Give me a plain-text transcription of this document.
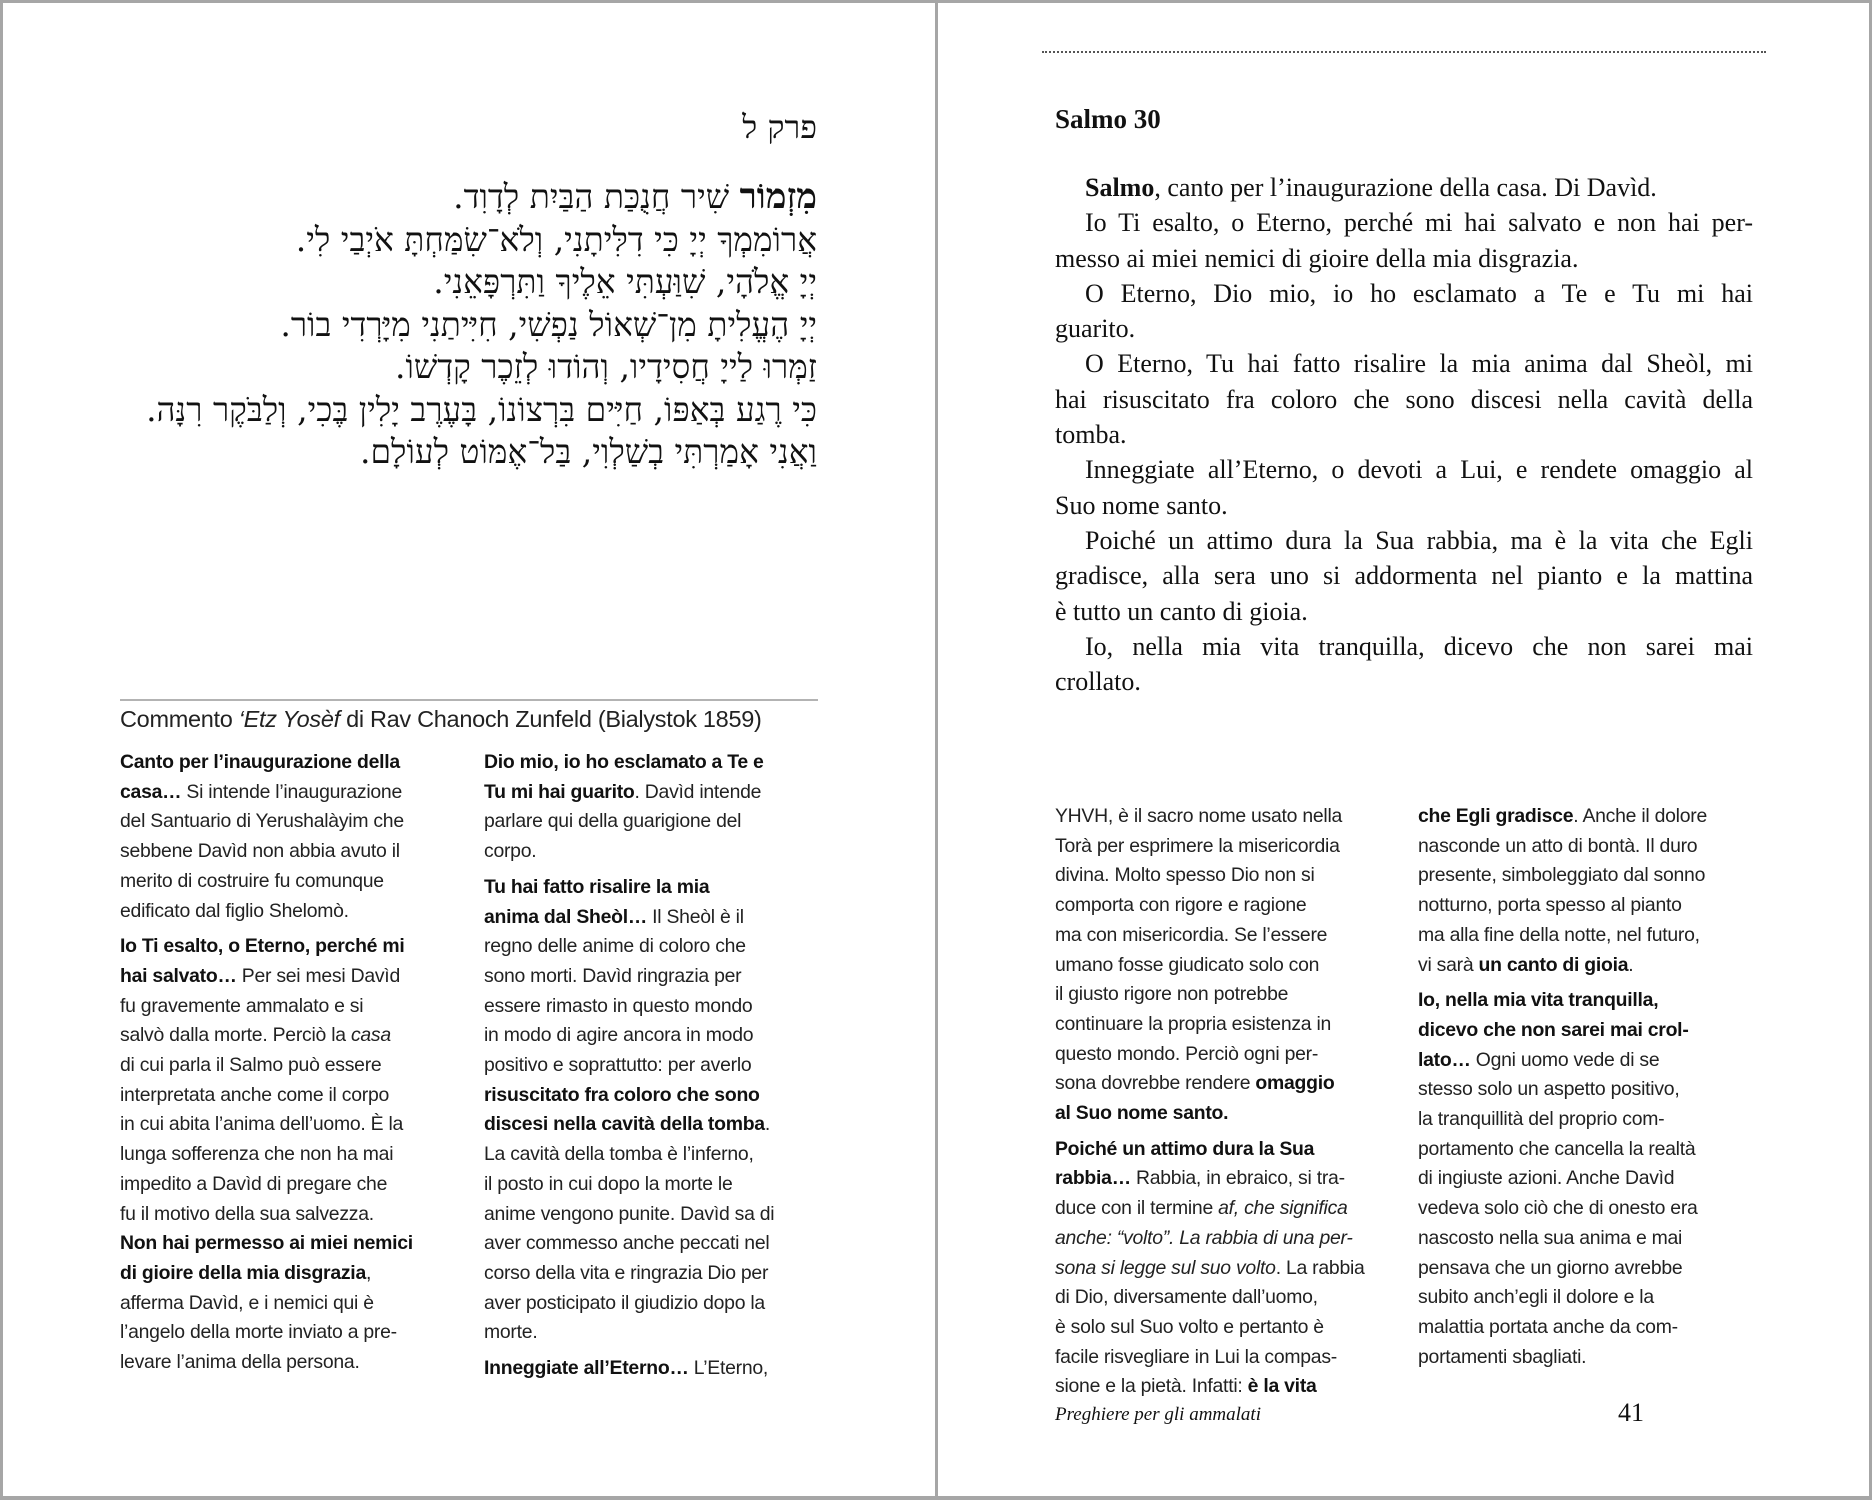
פרק ל
מִזְמוֹר שִׁיר חֲנֻכַּת הַבַּיִת לְדָוִד.
אֲרוֹמִמְךָ יְיָ כִּי דִלִּיתָנִי, וְלֹא־שִׂמַּחְתָּ אֹיְבַי לִי.
יְיָ אֱלֹהָי, שִׁוַּעְתִּי אֵלֶיךָ וַתִּרְפָּאֵנִי.
יְיָ הֶעֱלִיתָ מִן־שְׁאוֹל נַפְשִׁי, חִיִּיתַנִי מִיָּרְדִי בוֹר.
זַמְּרוּ לַייָ חֲסִידָיו, וְהוֹדוּ לְזֵכֶר קָדְשׁוֹ.
כִּי רֶגַע בְּאַפּוֹ, חַיִּים בִּרְצוֹנוֹ, בָּעֶרֶב יָלִין בֶּכִי, וְלַבֹּקֶר רִנָּה.
וַאֲנִי אָמַרְתִּי בְשַׁלְוִי, בַּל־אֶמּוֹט לְעוֹלָם.
Commento ‘Etz Yosèf di Rav Chanoch Zunfeld (Bialystok 1859)

Canto per l’inaugurazione della
casa… Si intende l’inaugurazione
del Santuario di Yerushalàyim che
sebbene Davìd non abbia avuto il
merito di costruire fu comunque
edificato dal figlio Shelomò.

Io Ti esalto, o Eterno, perché mi
hai salvato… Per sei mesi Davìd
fu gravemente ammalato e si
salvò dalla morte. Perciò la casa
di cui parla il Salmo può essere
interpretata anche come il corpo
in cui abita l’anima dell’uomo. È la
lunga sofferenza che non ha mai
impedito a Davìd di pregare che
fu il motivo della sua salvezza.
Non hai permesso ai miei nemici
di gioire della mia disgrazia,
afferma Davìd, e i nemici qui è
l’angelo della morte inviato a pre-
levare l’anima della persona.

Dio mio, io ho esclamato a Te e
Tu mi hai guarito. Davìd intende
parlare qui della guarigione del
corpo.

Tu hai fatto risalire la mia
anima dal Sheòl… Il Sheòl è il
regno delle anime di coloro che
sono morti. Davìd ringrazia per
essere rimasto in questo mondo
in modo di agire ancora in modo
positivo e soprattutto: per averlo
risuscitato fra coloro che sono
discesi nella cavità della tomba.
La cavità della tomba è l’inferno,
il posto in cui dopo la morte le
anime vengono punite. Davìd sa di
aver commesso anche peccati nel
corso della vita e ringrazia Dio per
aver posticipato il giudizio dopo la
morte.

Inneggiate all’Eterno… L’Eterno,

Salmo 30
Salmo, canto per l’inaugurazione della casa. Di Davìd.
Io Ti esalto, o Eterno, perché mi hai salvato e non hai per-
messo ai miei nemici di gioire della mia disgrazia.
O Eterno, Dio mio, io ho esclamato a Te e Tu mi hai
guarito.
O Eterno, Tu hai fatto risalire la mia anima dal Sheòl, mi
hai risuscitato fra coloro che sono discesi nella cavità della
tomba.
Inneggiate all’Eterno, o devoti a Lui, e rendete omaggio al
Suo nome santo.
Poiché un attimo dura la Sua rabbia, ma è la vita che Egli
gradisce, alla sera uno si addormenta nel pianto e la mattina
è tutto un canto di gioia.
Io, nella mia vita tranquilla, dicevo che non sarei mai
crollato.

YHVH, è il sacro nome usato nella
Torà per esprimere la misericordia
divina. Molto spesso Dio non si
comporta con rigore e ragione
ma con misericordia. Se l’essere
umano fosse giudicato solo con
il giusto rigore non potrebbe
continuare la propria esistenza in
questo mondo. Perciò ogni per-
sona dovrebbe rendere omaggio
al Suo nome santo.

Poiché un attimo dura la Sua
rabbia… Rabbia, in ebraico, si tra-
duce con il termine af, che significa
anche: “volto”. La rabbia di una per-
sona si legge sul suo volto. La rabbia
di Dio, diversamente dall’uomo,
è solo sul Suo volto e pertanto è
facile risvegliare in Lui la compas-
sione e la pietà. Infatti: è la vita

che Egli gradisce. Anche il dolore
nasconde un atto di bontà. Il duro
presente, simboleggiato dal sonno
notturno, porta spesso al pianto
ma alla fine della notte, nel futuro,
vi sarà un canto di gioia.

Io, nella mia vita tranquilla,
dicevo che non sarei mai crol-
lato… Ogni uomo vede di se
stesso solo un aspetto positivo,
la tranquillità del proprio com-
portamento che cancella la realtà
di ingiuste azioni. Anche Davìd
vedeva solo ciò che di onesto era
nascosto nella sua anima e mai
pensava che un giorno avrebbe
subito anch’egli il dolore e la
malattia portata anche da com-
portamenti sbagliati.

Preghiere per gli ammalati	41
